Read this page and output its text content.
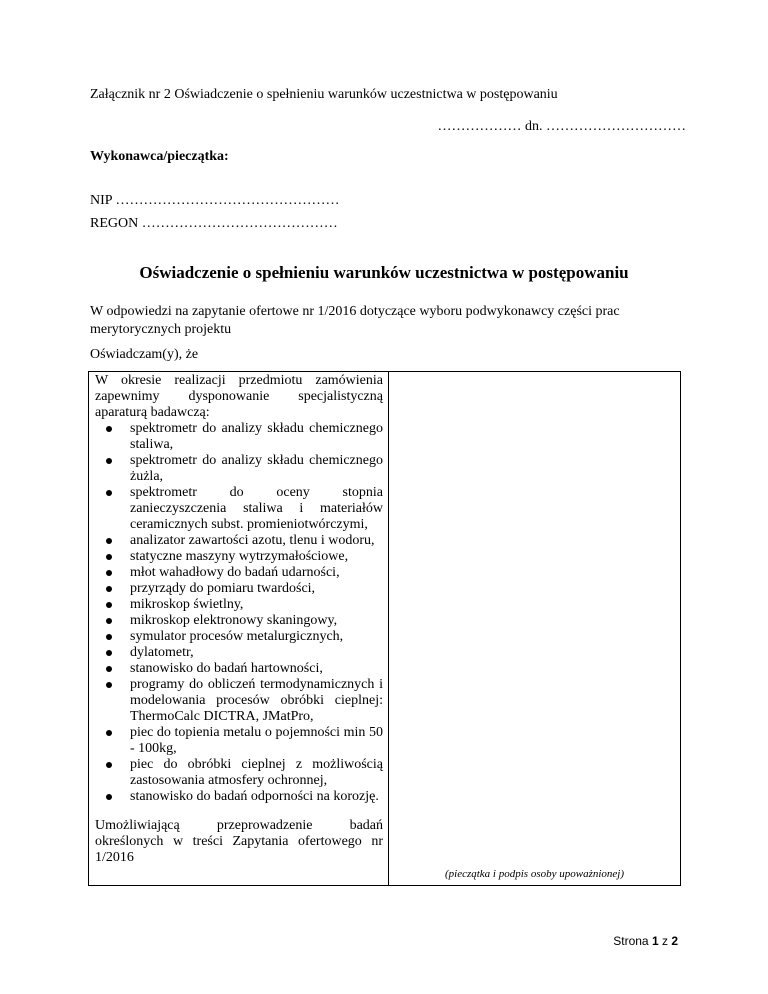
Załącznik nr 2 Oświadczenie o spełnieniu warunków uczestnictwa w postępowaniu
……………… dn. …………………………
Wykonawca/pieczątka:
NIP …………………………………………
REGON ……………………………………
Oświadczenie o spełnieniu warunków uczestnictwa w postępowaniu
W odpowiedzi na zapytanie ofertowe nr 1/2016 dotyczące wyboru podwykonawcy części prac merytorycznych projektu
Oświadczam(y), że

W okresie realizacji przedmiotu zamówienia zapewnimy dysponowanie specjalistyczną aparaturą badawczą:

spektrometr do analizy składu chemicznego staliwa,
spektrometr do analizy składu chemicznego żużla,
spektrometr do oceny stopnia zanieczyszczenia staliwa i materiałów ceramicznych subst. promieniotwórczymi,
analizator zawartości azotu, tlenu i wodoru,
statyczne maszyny wytrzymałościowe,
młot wahadłowy do badań udarności,
przyrządy do pomiaru twardości,
mikroskop świetlny,
mikroskop elektronowy skaningowy,
symulator procesów metalurgicznych,
dylatometr,
stanowisko do badań hartowności,
programy do obliczeń termodynamicznych i modelowania procesów obróbki cieplnej: ThermoCalc DICTRA, JMatPro,
piec do topienia metalu o pojemności min 50 - 100kg,
piec do obróbki cieplnej z możliwością zastosowania atmosfery ochronnej,
stanowisko do badań odporności na korozję.

Umożliwiającą przeprowadzenie badań określonych w treści Zapytania ofertowego nr 1/2016

(pieczątka i podpis osoby upoważnionej)
Strona 1 z 2
